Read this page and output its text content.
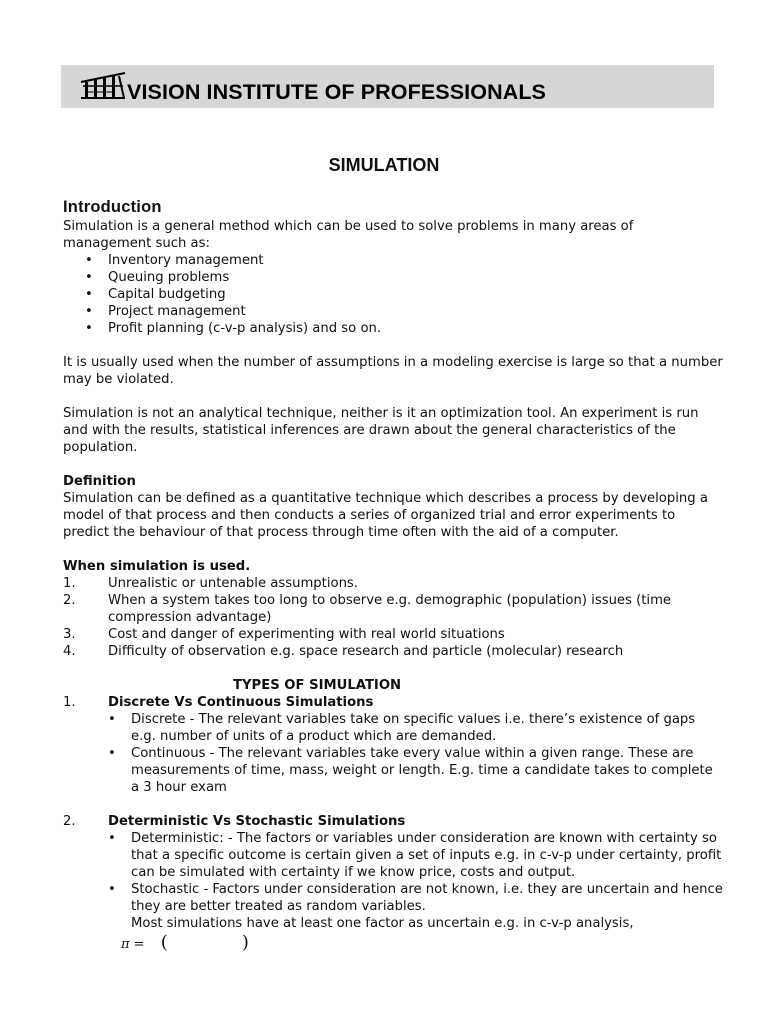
VISION INSTITUTE OF PROFESSIONALS
SIMULATION
Introduction

Simulation is a general method which can be used to solve problems in many areas of management such as:

• Inventory management
• Queuing problems
• Capital budgeting
• Project management
• Profit planning (c-v-p analysis) and so on.

It is usually used when the number of assumptions in a modeling exercise is large so that a number may be violated.

Simulation is not an analytical technique, neither is it an optimization tool. An experiment is run and with the results, statistical inferences are drawn about the general characteristics of the population.

Definition

Simulation can be defined as a quantitative technique which describes a process by developing a model of that process and then conducts a series of organized trial and error experiments to predict the behaviour of that process through time often with the aid of a computer.

When simulation is used.

1. Unrealistic or untenable assumptions.
2. When a system takes too long to observe e.g. demographic (population) issues (time compression advantage)
3. Cost and danger of experimenting with real world situations
4. Difficulty of observation e.g. space research and particle (molecular) research

TYPES OF SIMULATION

1. Discrete Vs Continuous Simulations

• Discrete - The relevant variables take on specific values i.e. there’s existence of gaps e.g. number of units of a product which are demanded.
• Continuous - The relevant variables take every value within a given range. These are measurements of time, mass, weight or length. E.g. time a candidate takes to complete a 3 hour exam
2. Deterministic Vs Stochastic Simulations

• Deterministic: - The factors or variables under consideration are known with certainty so that a specific outcome is certain given a set of inputs e.g. in c-v-p under certainty, profit can be simulated with certainty if we know price, costs and output.
• Stochastic - Factors under consideration are not known, i.e. they are uncertain and hence they are better treated as random variables.

Most simulations have at least one factor as uncertain e.g. in c-v-p analysis,

π = (	)
